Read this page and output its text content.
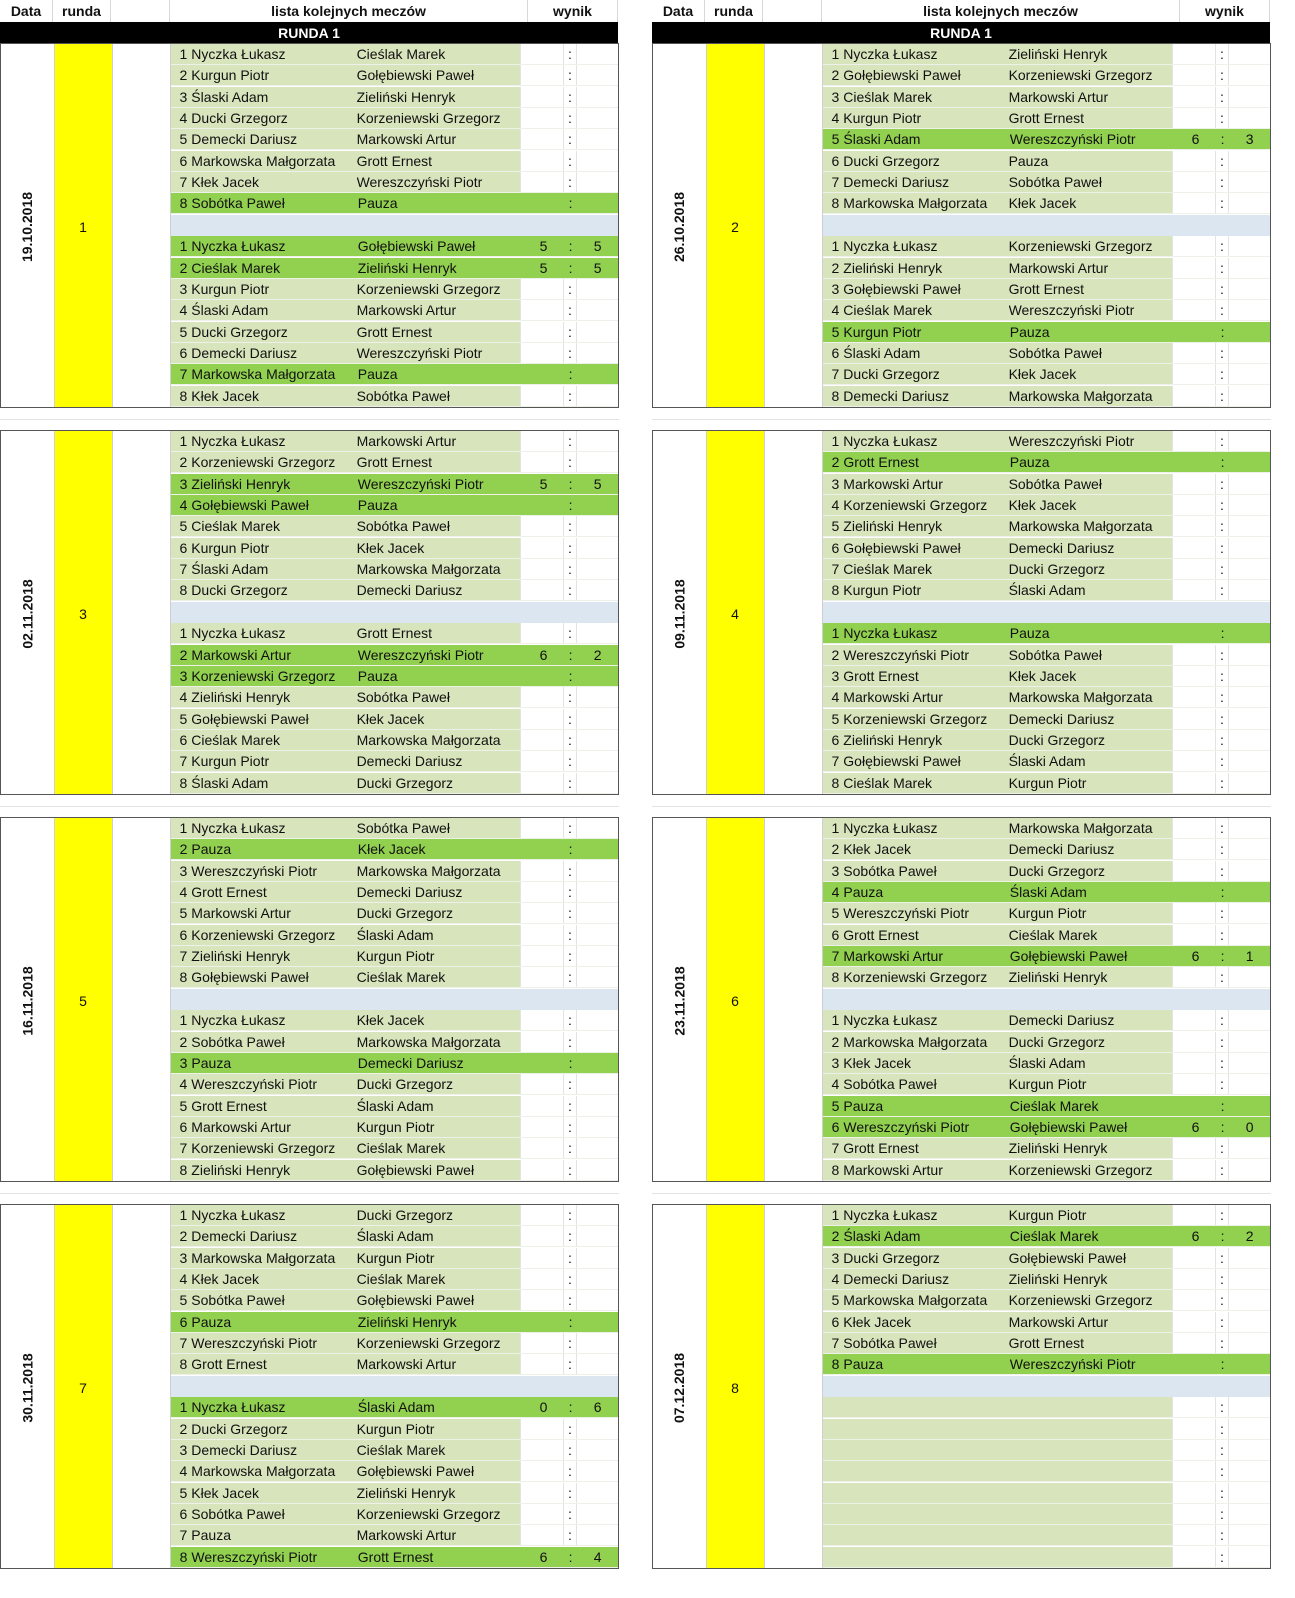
Data	runda	lista kolejnych meczów	wynik
RUNDA 1
Data	runda	lista kolejnych meczów	wynik
RUNDA 1
19.10.2018	1
1 Nyczka Łukasz	Cieślak Marek	:
2 Kurgun Piotr	Gołębiewski Paweł	:
3 Ślaski Adam	Zieliński Henryk	:
4 Ducki Grzegorz	Korzeniewski Grzegorz	:
5 Demecki Dariusz	Markowski Artur	:
6 Markowska Małgorzata	Grott Ernest	:
7 Kłek Jacek	Wereszczyński Piotr	:
8 Sobótka Paweł	Pauza	:
1 Nyczka Łukasz	Gołębiewski Paweł	5	:	5
2 Cieślak Marek	Zieliński Henryk	5	:	5
3 Kurgun Piotr	Korzeniewski Grzegorz	:
4 Ślaski Adam	Markowski Artur	:
5 Ducki Grzegorz	Grott Ernest	:
6 Demecki Dariusz	Wereszczyński Piotr	:
7 Markowska Małgorzata	Pauza	:
8 Kłek Jacek	Sobótka Paweł	:
26.10.2018	2
1 Nyczka Łukasz	Zieliński Henryk	:
2 Gołębiewski Paweł	Korzeniewski Grzegorz	:
3 Cieślak Marek	Markowski Artur	:
4 Kurgun Piotr	Grott Ernest	:
5 Ślaski Adam	Wereszczyński Piotr	6	:	3
6 Ducki Grzegorz	Pauza	:
7 Demecki Dariusz	Sobótka Paweł	:
8 Markowska Małgorzata	Kłek Jacek	:
1 Nyczka Łukasz	Korzeniewski Grzegorz	:
2 Zieliński Henryk	Markowski Artur	:
3 Gołębiewski Paweł	Grott Ernest	:
4 Cieślak Marek	Wereszczyński Piotr	:
5 Kurgun Piotr	Pauza	:
6 Ślaski Adam	Sobótka Paweł	:
7 Ducki Grzegorz	Kłek Jacek	:
8 Demecki Dariusz	Markowska Małgorzata	:
02.11.2018	3
1 Nyczka Łukasz	Markowski Artur	:
2 Korzeniewski Grzegorz	Grott Ernest	:
3 Zieliński Henryk	Wereszczyński Piotr	5	:	5
4 Gołębiewski Paweł	Pauza	:
5 Cieślak Marek	Sobótka Paweł	:
6 Kurgun Piotr	Kłek Jacek	:
7 Ślaski Adam	Markowska Małgorzata	:
8 Ducki Grzegorz	Demecki Dariusz	:
1 Nyczka Łukasz	Grott Ernest	:
2 Markowski Artur	Wereszczyński Piotr	6	:	2
3 Korzeniewski Grzegorz	Pauza	:
4 Zieliński Henryk	Sobótka Paweł	:
5 Gołębiewski Paweł	Kłek Jacek	:
6 Cieślak Marek	Markowska Małgorzata	:
7 Kurgun Piotr	Demecki Dariusz	:
8 Ślaski Adam	Ducki Grzegorz	:
09.11.2018	4
1 Nyczka Łukasz	Wereszczyński Piotr	:
2 Grott Ernest	Pauza	:
3 Markowski Artur	Sobótka Paweł	:
4 Korzeniewski Grzegorz	Kłek Jacek	:
5 Zieliński Henryk	Markowska Małgorzata	:
6 Gołębiewski Paweł	Demecki Dariusz	:
7 Cieślak Marek	Ducki Grzegorz	:
8 Kurgun Piotr	Ślaski Adam	:
1 Nyczka Łukasz	Pauza	:
2 Wereszczyński Piotr	Sobótka Paweł	:
3 Grott Ernest	Kłek Jacek	:
4 Markowski Artur	Markowska Małgorzata	:
5 Korzeniewski Grzegorz	Demecki Dariusz	:
6 Zieliński Henryk	Ducki Grzegorz	:
7 Gołębiewski Paweł	Ślaski Adam	:
8 Cieślak Marek	Kurgun Piotr	:
16.11.2018	5
1 Nyczka Łukasz	Sobótka Paweł	:
2 Pauza	Kłek Jacek	:
3 Wereszczyński Piotr	Markowska Małgorzata	:
4 Grott Ernest	Demecki Dariusz	:
5 Markowski Artur	Ducki Grzegorz	:
6 Korzeniewski Grzegorz	Ślaski Adam	:
7 Zieliński Henryk	Kurgun Piotr	:
8 Gołębiewski Paweł	Cieślak Marek	:
1 Nyczka Łukasz	Kłek Jacek	:
2 Sobótka Paweł	Markowska Małgorzata	:
3 Pauza	Demecki Dariusz	:
4 Wereszczyński Piotr	Ducki Grzegorz	:
5 Grott Ernest	Ślaski Adam	:
6 Markowski Artur	Kurgun Piotr	:
7 Korzeniewski Grzegorz	Cieślak Marek	:
8 Zieliński Henryk	Gołębiewski Paweł	:
23.11.2018	6
1 Nyczka Łukasz	Markowska Małgorzata	:
2 Kłek Jacek	Demecki Dariusz	:
3 Sobótka Paweł	Ducki Grzegorz	:
4 Pauza	Ślaski Adam	:
5 Wereszczyński Piotr	Kurgun Piotr	:
6 Grott Ernest	Cieślak Marek	:
7 Markowski Artur	Gołębiewski Paweł	6	:	1
8 Korzeniewski Grzegorz	Zieliński Henryk	:
1 Nyczka Łukasz	Demecki Dariusz	:
2 Markowska Małgorzata	Ducki Grzegorz	:
3 Kłek Jacek	Ślaski Adam	:
4 Sobótka Paweł	Kurgun Piotr	:
5 Pauza	Cieślak Marek	:
6 Wereszczyński Piotr	Gołębiewski Paweł	6	:	0
7 Grott Ernest	Zieliński Henryk	:
8 Markowski Artur	Korzeniewski Grzegorz	:
30.11.2018	7
1 Nyczka Łukasz	Ducki Grzegorz	:
2 Demecki Dariusz	Ślaski Adam	:
3 Markowska Małgorzata	Kurgun Piotr	:
4 Kłek Jacek	Cieślak Marek	:
5 Sobótka Paweł	Gołębiewski Paweł	:
6 Pauza	Zieliński Henryk	:
7 Wereszczyński Piotr	Korzeniewski Grzegorz	:
8 Grott Ernest	Markowski Artur	:
1 Nyczka Łukasz	Ślaski Adam	0	:	6
2 Ducki Grzegorz	Kurgun Piotr	:
3 Demecki Dariusz	Cieślak Marek	:
4 Markowska Małgorzata	Gołębiewski Paweł	:
5 Kłek Jacek	Zieliński Henryk	:
6 Sobótka Paweł	Korzeniewski Grzegorz	:
7 Pauza	Markowski Artur	:
8 Wereszczyński Piotr	Grott Ernest	6	:	4
07.12.2018	8
1 Nyczka Łukasz	Kurgun Piotr	:
2 Ślaski Adam	Cieślak Marek	6	:	2
3 Ducki Grzegorz	Gołębiewski Paweł	:
4 Demecki Dariusz	Zieliński Henryk	:
5 Markowska Małgorzata	Korzeniewski Grzegorz	:
6 Kłek Jacek	Markowski Artur	:
7 Sobótka Paweł	Grott Ernest	:
8 Pauza	Wereszczyński Piotr	:
:
:
:
:
:
:
:
:
